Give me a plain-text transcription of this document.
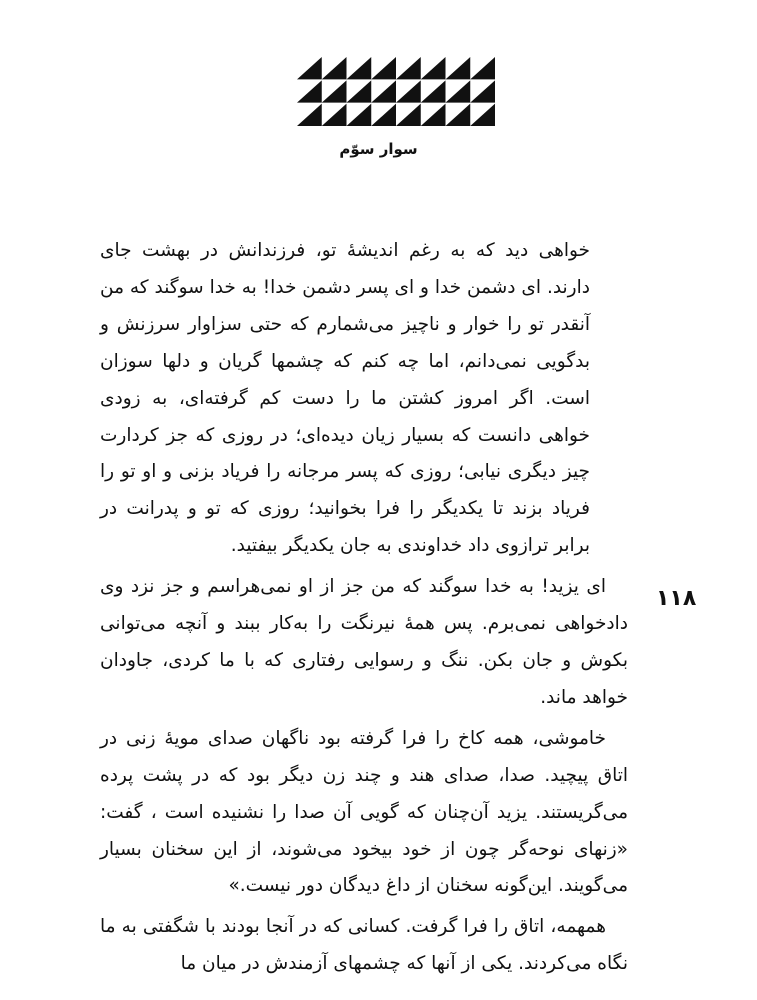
سوار سوّم
۱۱۸

خواهی دید که به رغم اندیشهٔ تو، فرزندانش در بهشت جای دارند. ای دشمن خدا و ای پسر دشمن خدا! به خدا سوگند که من آنقدر تو را خوار و ناچیز می‌شمارم که حتی سزاوار سرزنش و بدگویی نمی‌دانم، اما چه کنم که چشمها گریان و دلها سوزان است. اگر امروز کشتن ما را دست کم گرفته‌ای، به زودی خواهی دانست که بسیار زیان دیده‌ای؛ در روزی که جز کردارت چیز دیگری نیابی؛ روزی که پسر مرجانه را فریاد بزنی و او تو را فریاد بزند تا یکدیگر را فرا بخوانید؛ روزی که تو و پدرانت در برابر ترازوی داد خداوندی به جان یکدیگر بیفتید.

ای یزید! به خدا سوگند که من جز از او نمی‌هراسم و جز نزد وی دادخواهی نمی‌برم. پس همهٔ نیرنگت را به‌کار ببند و آنچه می‌توانی بکوش و جان بکن. ننگ و رسوایی رفتاری که با ما کردی، جاودان خواهد ماند.

خاموشی، همه کاخ را فرا گرفته بود ناگهان صدای مویهٔ زنی در اتاق پیچید. صدا، صدای هند و چند زن دیگر بود که در پشت پرده می‌گریستند. یزید آن‌چنان که گویی آن صدا را نشنیده است ، گفت: «زنهای نوحه‌گر چون از خود بیخود می‌شوند، از این سخنان بسیار می‌گویند. این‌گونه سخنان از داغ دیدگان دور نیست.»

همهمه، اتاق را فرا گرفت. کسانی که در آنجا بودند با شگفتی به ما نگاه می‌کردند. یکی از آنها که چشمهای آزمندش در میان ما
